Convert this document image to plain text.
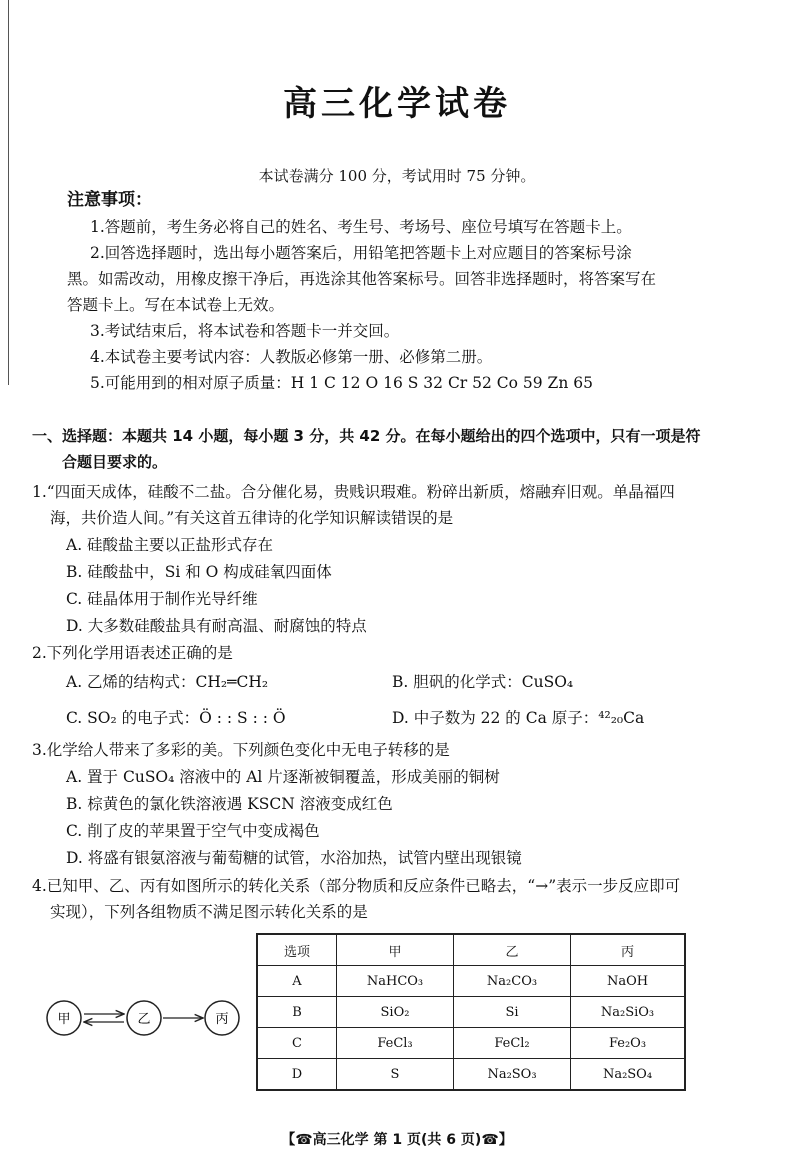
高三化学试卷
本试卷满分 100 分，考试用时 75 分钟。
注意事项：
1.答题前，考生务必将自己的姓名、考生号、考场号、座位号填写在答题卡上。
2.回答选择题时，选出每小题答案后，用铅笔把答题卡上对应题目的答案标号涂
黑。如需改动，用橡皮擦干净后，再选涂其他答案标号。回答非选择题时，将答案写在
答题卡上。写在本试卷上无效。
3.考试结束后，将本试卷和答题卡一并交回。
4.本试卷主要考试内容：人教版必修第一册、必修第二册。
5.可能用到的相对原子质量：H 1 C 12 O 16 S 32 Cr 52 Co 59 Zn 65
一、选择题：本题共 14 小题，每小题 3 分，共 42 分。在每小题给出的四个选项中，只有一项是符
合题目要求的。
1.“四面天成体，硅酸不二盐。合分催化易，贵贱识瑕难。粉碎出新质，熔融弃旧观。单晶福四
海，共价造人间。”有关这首五律诗的化学知识解读错误的是
A. 硅酸盐主要以正盐形式存在
B. 硅酸盐中，Si 和 O 构成硅氧四面体
C. 硅晶体用于制作光导纤维
D. 大多数硅酸盐具有耐高温、耐腐蚀的特点
2.下列化学用语表述正确的是
A. 乙烯的结构式：CH₂═CH₂	B. 胆矾的化学式：CuSO₄
C. SO₂ 的电子式：Ö : : S : : Ö	D. 中子数为 22 的 Ca 原子：⁴²₂₀Ca
3.化学给人带来了多彩的美。下列颜色变化中无电子转移的是
A. 置于 CuSO₄ 溶液中的 Al 片逐渐被铜覆盖，形成美丽的铜树
B. 棕黄色的氯化铁溶液遇 KSCN 溶液变成红色
C. 削了皮的苹果置于空气中变成褐色
D. 将盛有银氨溶液与葡萄糖的试管，水浴加热，试管内壁出现银镜
4.已知甲、乙、丙有如图所示的转化关系（部分物质和反应条件已略去，“→”表示一步反应即可
实现），下列各组物质不满足图示转化关系的是
甲	乙	丙
选项	甲	乙	丙
A	NaHCO₃	Na₂CO₃	NaOH
B	SiO₂	Si	Na₂SiO₃
C	FeCl₃	FeCl₂	Fe₂O₃
D	S	Na₂SO₃	Na₂SO₄
【☎高三化学 第 1 页(共 6 页)☎】
